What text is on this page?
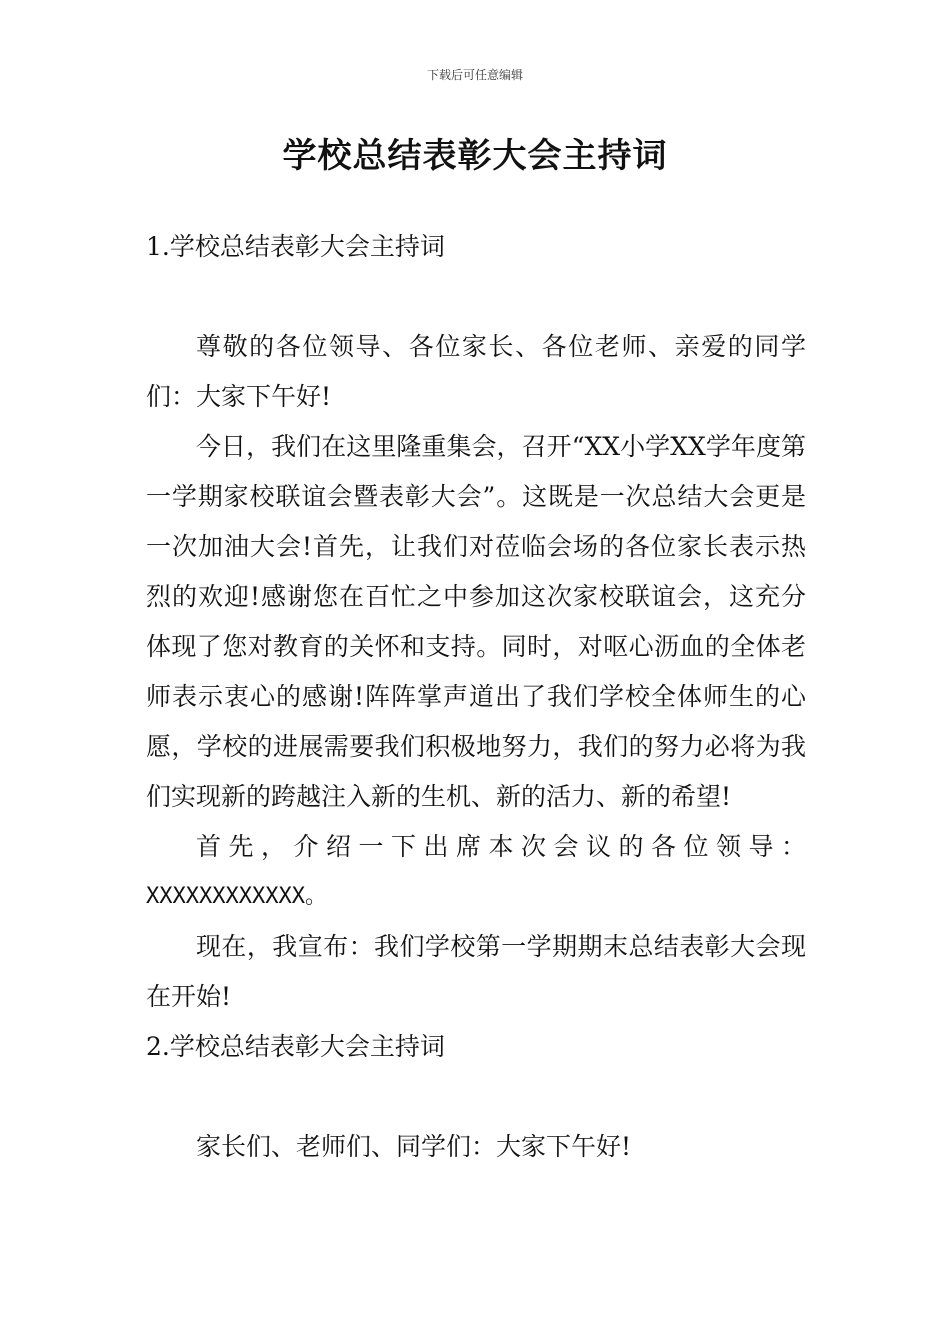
下载后可任意编辑
学校总结表彰大会主持词

1.学校总结表彰大会主持词

尊敬的各位领导、各位家长、各位老师、亲爱的同学们：大家下午好!

今日，我们在这里隆重集会，召开“XX小学XX学年度第一学期家校联谊会暨表彰大会”。这既是一次总结大会更是一次加油大会!首先，让我们对莅临会场的各位家长表示热烈的欢迎!感谢您在百忙之中参加这次家校联谊会，这充分体现了您对教育的关怀和支持。同时，对呕心沥血的全体老师表示衷心的感谢!阵阵掌声道出了我们学校全体师生的心愿，学校的进展需要我们积极地努力，我们的努力必将为我们实现新的跨越注入新的生机、新的活力、新的希望!

首先，介绍一下出席本次会议的各位领导：

XXXXXXXXXXXX。

现在，我宣布：我们学校第一学期期末总结表彰大会现在开始!

2.学校总结表彰大会主持词

家长们、老师们、同学们：大家下午好!
